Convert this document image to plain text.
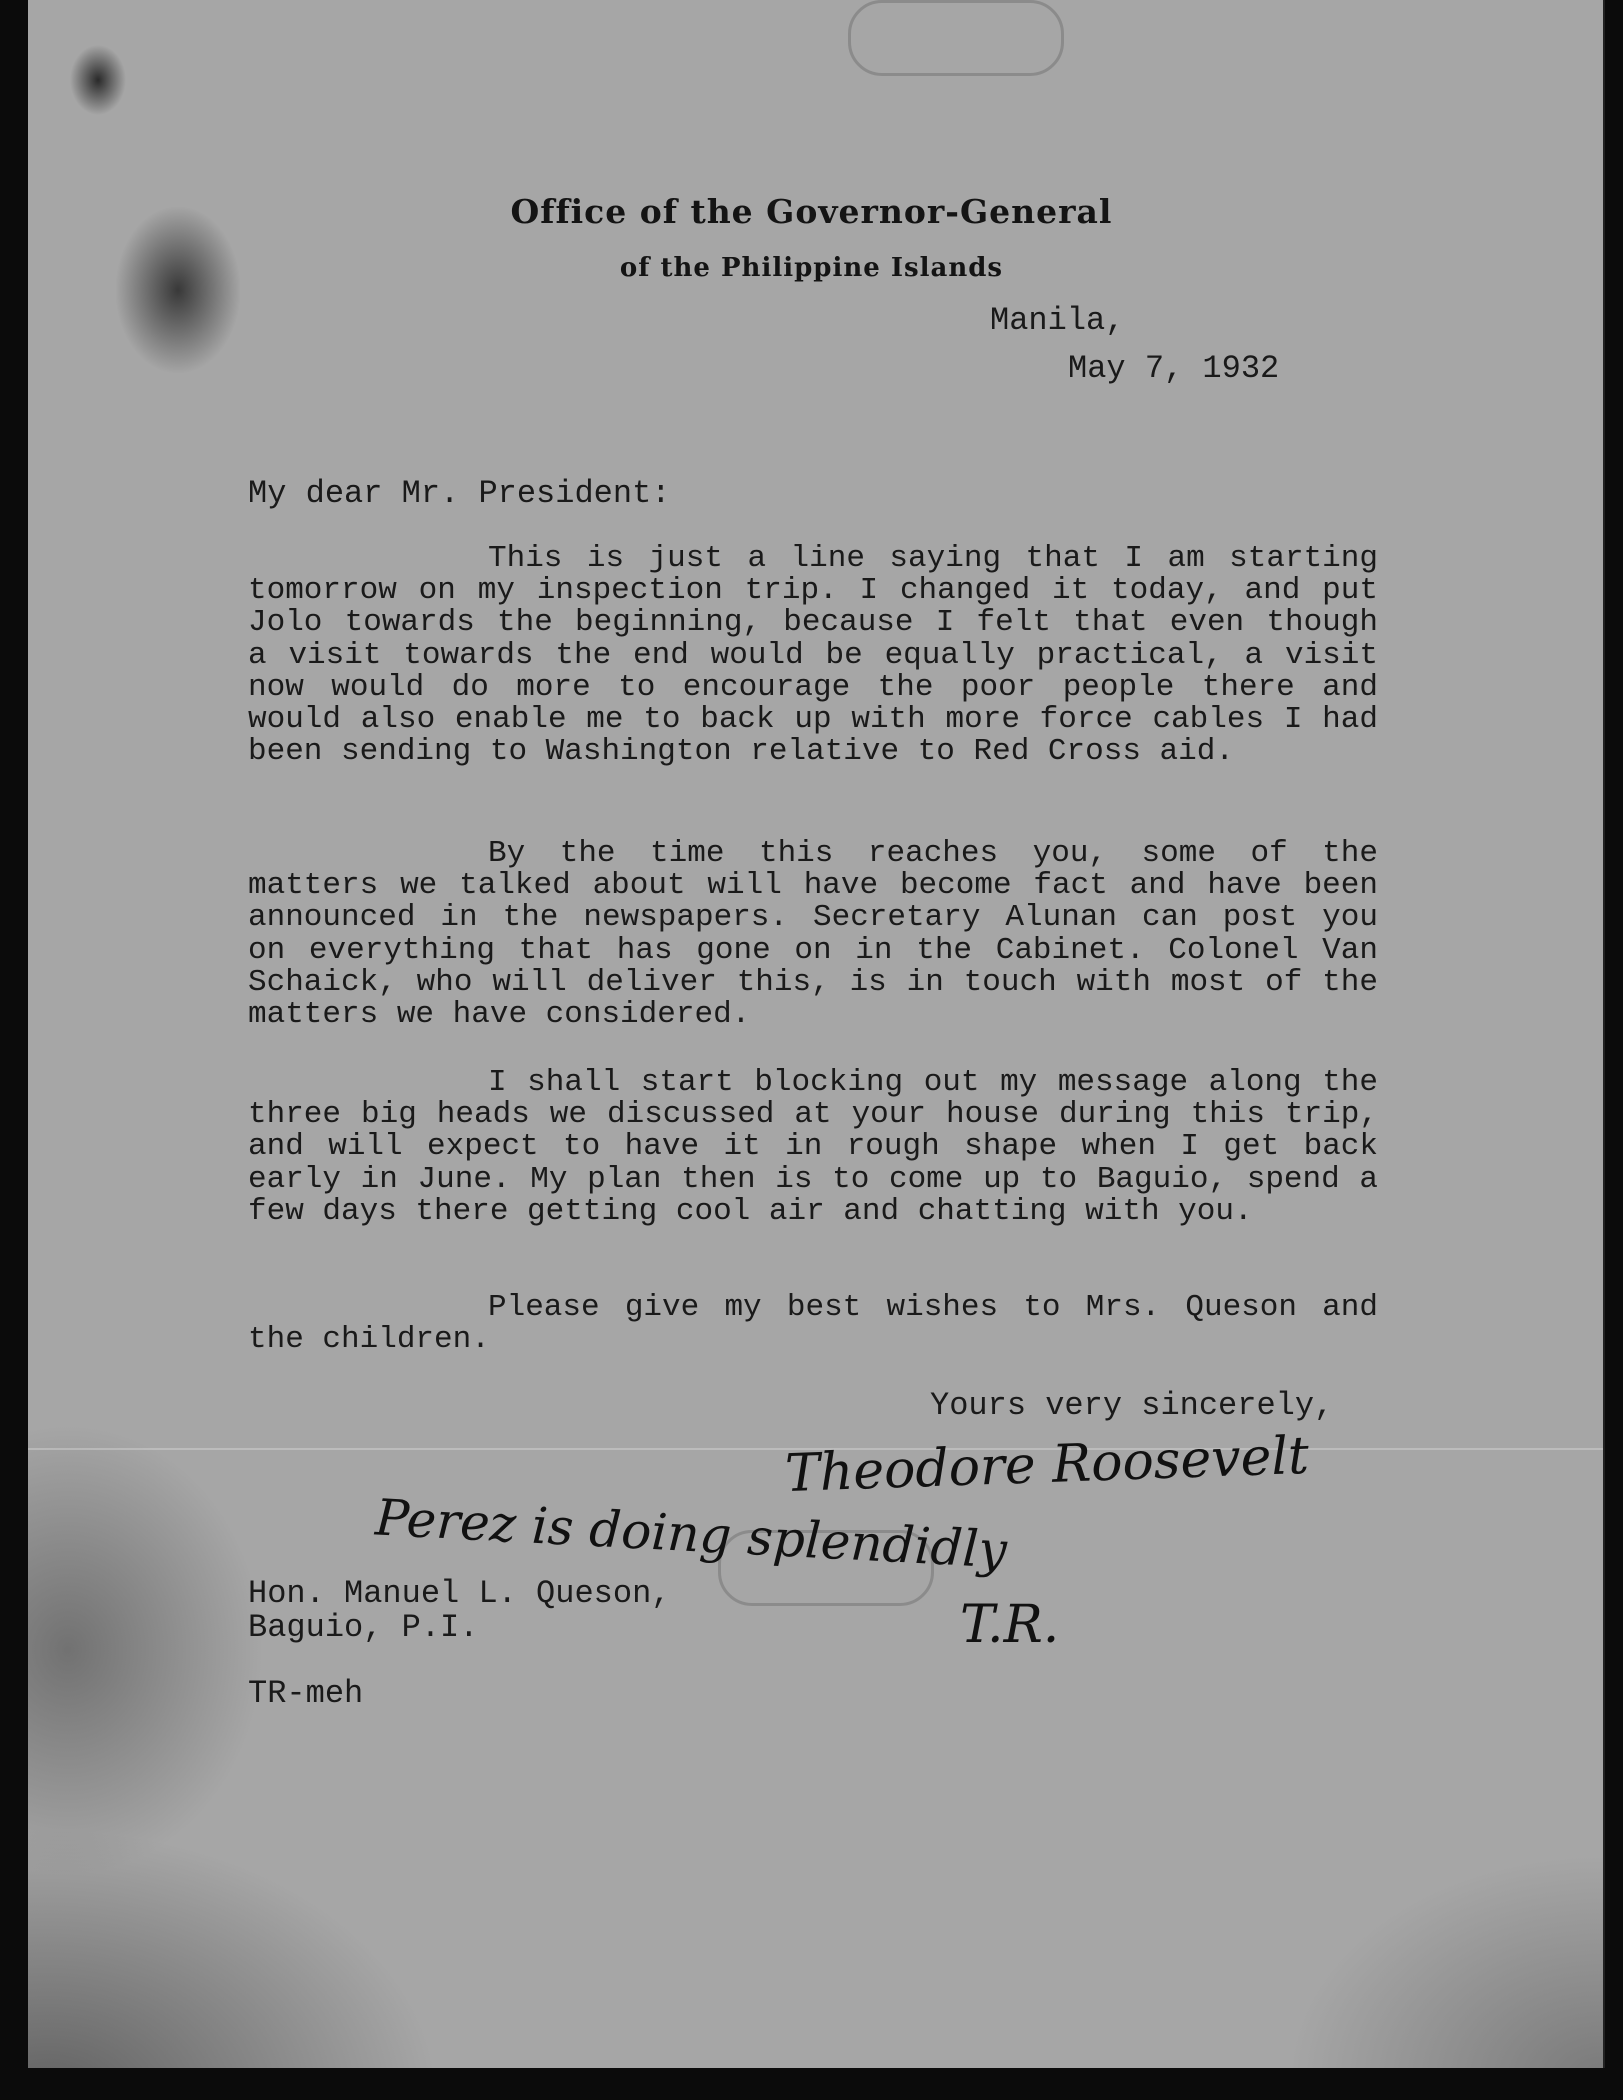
Office of the Governor-General
of the Philippine Islands
Manila,
May 7, 1932
My dear Mr. President:

This is just a line saying that I am starting tomorrow on my inspection trip. I changed it today, and put Jolo towards the beginning, because I felt that even though a visit towards the end would be equally practical, a visit now would do more to encourage the poor people there and would also enable me to back up with more force cables I had been sending to Washington relative to Red Cross aid.

By the time this reaches you, some of the matters we talked about will have become fact and have been announced in the newspapers. Secretary Alunan can post you on everything that has gone on in the Cabinet. Colonel Van Schaick, who will deliver this, is in touch with most of the matters we have considered.

I shall start blocking out my message along the three big heads we discussed at your house during this trip, and will expect to have it in rough shape when I get back early in June. My plan then is to come up to Baguio, spend a few days there getting cool air and chatting with you.

Please give my best wishes to Mrs. Queson and the children.

Yours very sincerely,
Theodore Roosevelt
Perez is doing splendidly
T.R.
Hon. Manuel L. Queson,
Baguio, P.I.
TR-meh
